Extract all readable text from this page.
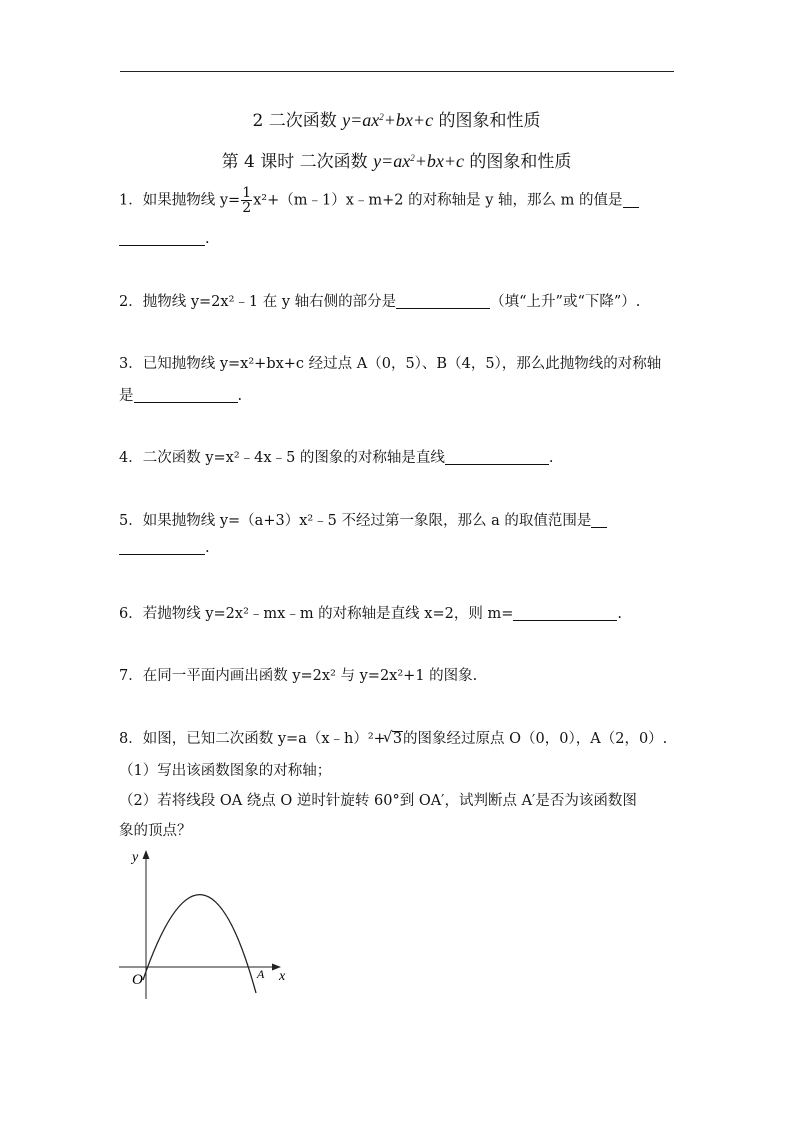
2 二次函数 $y=ax^2+bx+c$ 的图象和性质
第 4 课时 二次函数 $y=ax^2+bx+c$ 的图象和性质
1．如果抛物线 $y= \frac{1}{2}$ x²+（m﹣1）x﹣m+2 的对称轴是 y 轴，那么 m 的值是
.
2．抛物线 y=2x²﹣1 在 y 轴右侧的部分是	（填“上升”或“下降”）.
3．已知抛物线 y=x²+bx+c 经过点 A（0，5）、B（4，5），那么此抛物线的对称轴
是	.
4．二次函数 y=x²﹣4x﹣5 的图象的对称轴是直线	.
5．如果抛物线 y=（a+3）x²﹣5 不经过第一象限，那么 a 的取值范围是
.
6．若抛物线 y=2x²﹣mx﹣m 的对称轴是直线 x=2，则 m=	.
7．在同一平面内画出函数 y=2x² 与 y=2x²+1 的图象.
8．如图，已知二次函数 y=a（x﹣h）²+√ 3的图象经过原点 O（0，0），A（2，0）.
（1）写出该函数图象的对称轴；
（2）若将线段 OA 绕点 O 逆时针旋转 60°到 OA′，试判断点 A′是否为该函数图
象的顶点？
y
x
O	A
